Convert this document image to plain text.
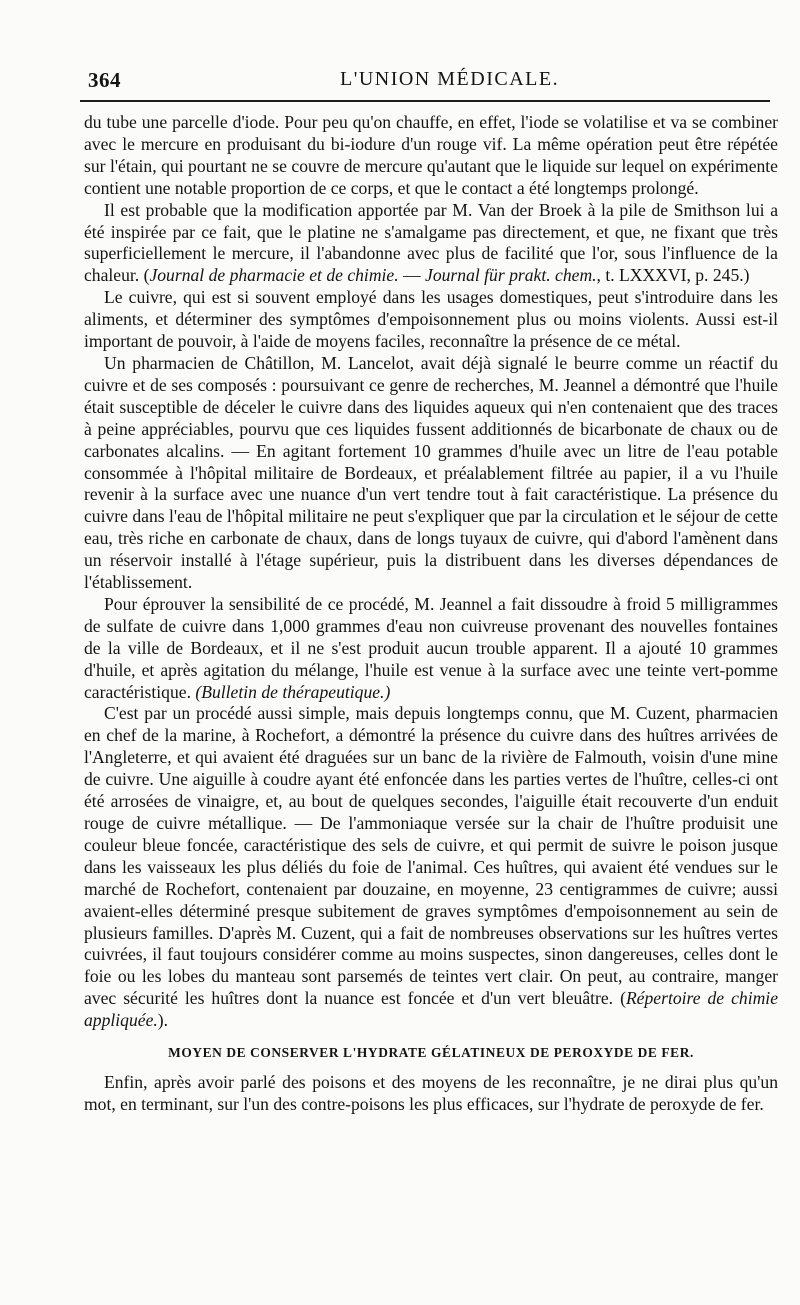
364	L'UNION MÉDICALE.

du tube une parcelle d'iode. Pour peu qu'on chauffe, en effet, l'iode se volatilise et va se combiner avec le mercure en produisant du bi-iodure d'un rouge vif. La même opération peut être répétée sur l'étain, qui pourtant ne se couvre de mercure qu'autant que le liquide sur lequel on expérimente contient une notable proportion de ce corps, et que le contact a été longtemps prolongé.

Il est probable que la modification apportée par M. Van der Broek à la pile de Smithson lui a été inspirée par ce fait, que le platine ne s'amalgame pas directement, et que, ne fixant que très superficiellement le mercure, il l'abandonne avec plus de facilité que l'or, sous l'influence de la chaleur. (Journal de pharmacie et de chimie. — Journal für prakt. chem., t. LXXXVI, p. 245.)

Le cuivre, qui est si souvent employé dans les usages domestiques, peut s'introduire dans les aliments, et déterminer des symptômes d'empoisonnement plus ou moins violents. Aussi est-il important de pouvoir, à l'aide de moyens faciles, reconnaître la présence de ce métal.

Un pharmacien de Châtillon, M. Lancelot, avait déjà signalé le beurre comme un réactif du cuivre et de ses composés : poursuivant ce genre de recherches, M. Jeannel a démontré que l'huile était susceptible de déceler le cuivre dans des liquides aqueux qui n'en contenaient que des traces à peine appréciables, pourvu que ces liquides fussent additionnés de bicarbonate de chaux ou de carbonates alcalins. — En agitant fortement 10 grammes d'huile avec un litre de l'eau potable consommée à l'hôpital militaire de Bordeaux, et préalablement filtrée au papier, il a vu l'huile revenir à la surface avec une nuance d'un vert tendre tout à fait caractéristique. La présence du cuivre dans l'eau de l'hôpital militaire ne peut s'expliquer que par la circulation et le séjour de cette eau, très riche en carbonate de chaux, dans de longs tuyaux de cuivre, qui d'abord l'amènent dans un réservoir installé à l'étage supérieur, puis la distribuent dans les diverses dépendances de l'établissement.

Pour éprouver la sensibilité de ce procédé, M. Jeannel a fait dissoudre à froid 5 milligrammes de sulfate de cuivre dans 1,000 grammes d'eau non cuivreuse provenant des nouvelles fontaines de la ville de Bordeaux, et il ne s'est produit aucun trouble apparent. Il a ajouté 10 grammes d'huile, et après agitation du mélange, l'huile est venue à la surface avec une teinte vert-pomme caractéristique. (Bulletin de thérapeutique.)

C'est par un procédé aussi simple, mais depuis longtemps connu, que M. Cuzent, pharmacien en chef de la marine, à Rochefort, a démontré la présence du cuivre dans des huîtres arrivées de l'Angleterre, et qui avaient été draguées sur un banc de la rivière de Falmouth, voisin d'une mine de cuivre. Une aiguille à coudre ayant été enfoncée dans les parties vertes de l'huître, celles-ci ont été arrosées de vinaigre, et, au bout de quelques secondes, l'aiguille était recouverte d'un enduit rouge de cuivre métallique. — De l'ammoniaque versée sur la chair de l'huître produisit une couleur bleue foncée, caractéristique des sels de cuivre, et qui permit de suivre le poison jusque dans les vaisseaux les plus déliés du foie de l'animal. Ces huîtres, qui avaient été vendues sur le marché de Rochefort, contenaient par douzaine, en moyenne, 23 centigrammes de cuivre; aussi avaient-elles déterminé presque subitement de graves symptômes d'empoisonnement au sein de plusieurs familles. D'après M. Cuzent, qui a fait de nombreuses observations sur les huîtres vertes cuivrées, il faut toujours considérer comme au moins suspectes, sinon dangereuses, celles dont le foie ou les lobes du manteau sont parsemés de teintes vert clair. On peut, au contraire, manger avec sécurité les huîtres dont la nuance est foncée et d'un vert bleuâtre. (Répertoire de chimie appliquée.).

MOYEN DE CONSERVER L'HYDRATE GÉLATINEUX DE PEROXYDE DE FER.

Enfin, après avoir parlé des poisons et des moyens de les reconnaître, je ne dirai plus qu'un mot, en terminant, sur l'un des contre-poisons les plus efficaces, sur l'hydrate de peroxyde de fer.
